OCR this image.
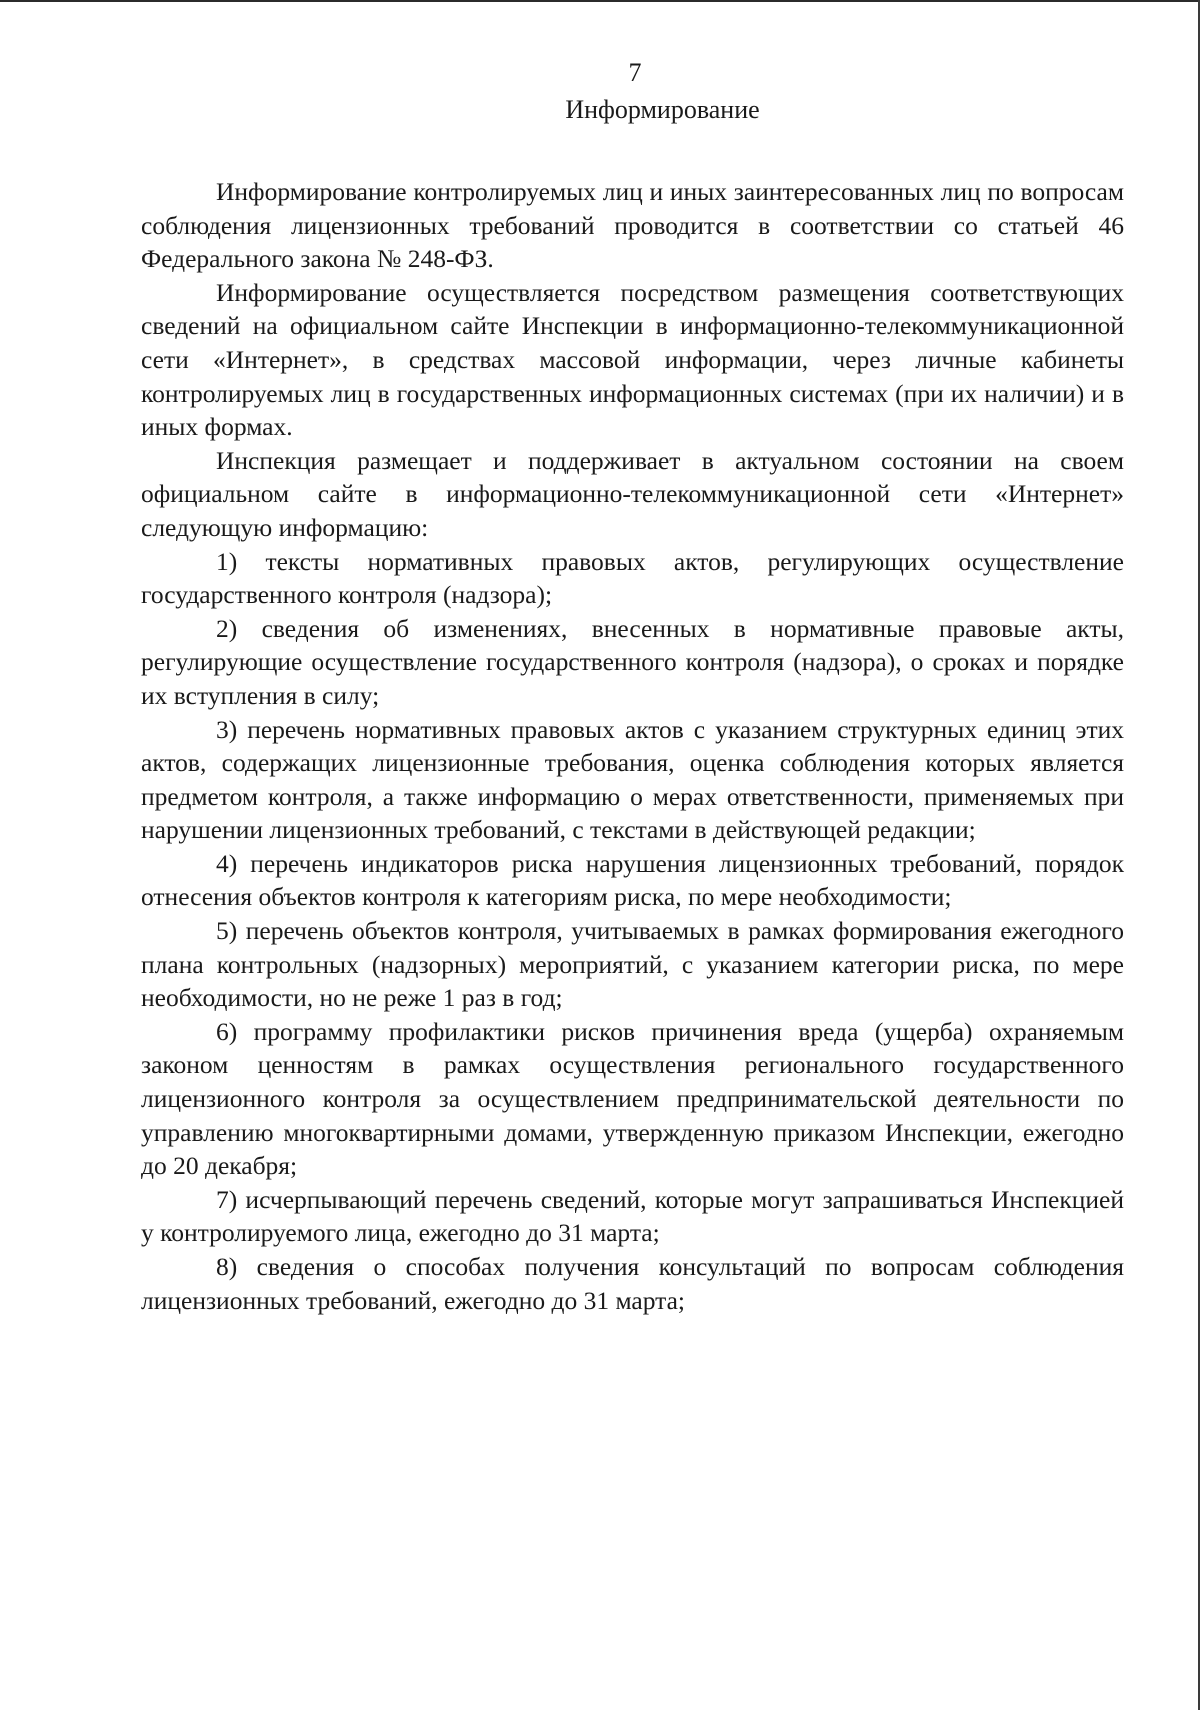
7
Информирование

Информирование контролируемых лиц и иных заинтересованных лиц по вопросам соблюдения лицензионных требований проводится в соответствии со статьей 46 Федерального закона № 248-ФЗ.

Информирование осуществляется посредством размещения соответствующих сведений на официальном сайте Инспекции в информационно-телекоммуникационной сети «Интернет», в средствах массовой информации, через личные кабинеты контролируемых лиц в государственных информационных системах (при их наличии) и в иных формах.

Инспекция размещает и поддерживает в актуальном состоянии на своем официальном сайте в информационно-телекоммуникационной сети «Интернет» следующую информацию:

1) тексты нормативных правовых актов, регулирующих осуществление государственного контроля (надзора);

2) сведения об изменениях, внесенных в нормативные правовые акты, регулирующие осуществление государственного контроля (надзора), о сроках и порядке их вступления в силу;

3) перечень нормативных правовых актов с указанием структурных единиц этих актов, содержащих лицензионные требования, оценка соблюдения которых является предметом контроля, а также информацию о мерах ответственности, применяемых при нарушении лицензионных требований, с текстами в действующей редакции;

4) перечень индикаторов риска нарушения лицензионных требований, порядок отнесения объектов контроля к категориям риска, по мере необходимости;

5) перечень объектов контроля, учитываемых в рамках формирования ежегодного плана контрольных (надзорных) мероприятий, с указанием категории риска, по мере необходимости, но не реже 1 раз в год;

6) программу профилактики рисков причинения вреда (ущерба) охраняемым законом ценностям в рамках осуществления регионального государственного лицензионного контроля за осуществлением предпринимательской деятельности по управлению многоквартирными домами, утвержденную приказом Инспекции, ежегодно до 20 декабря;

7) исчерпывающий перечень сведений, которые могут запрашиваться Инспекцией у контролируемого лица, ежегодно до 31 марта;

8) сведения о способах получения консультаций по вопросам соблюдения лицензионных требований, ежегодно до 31 марта;
